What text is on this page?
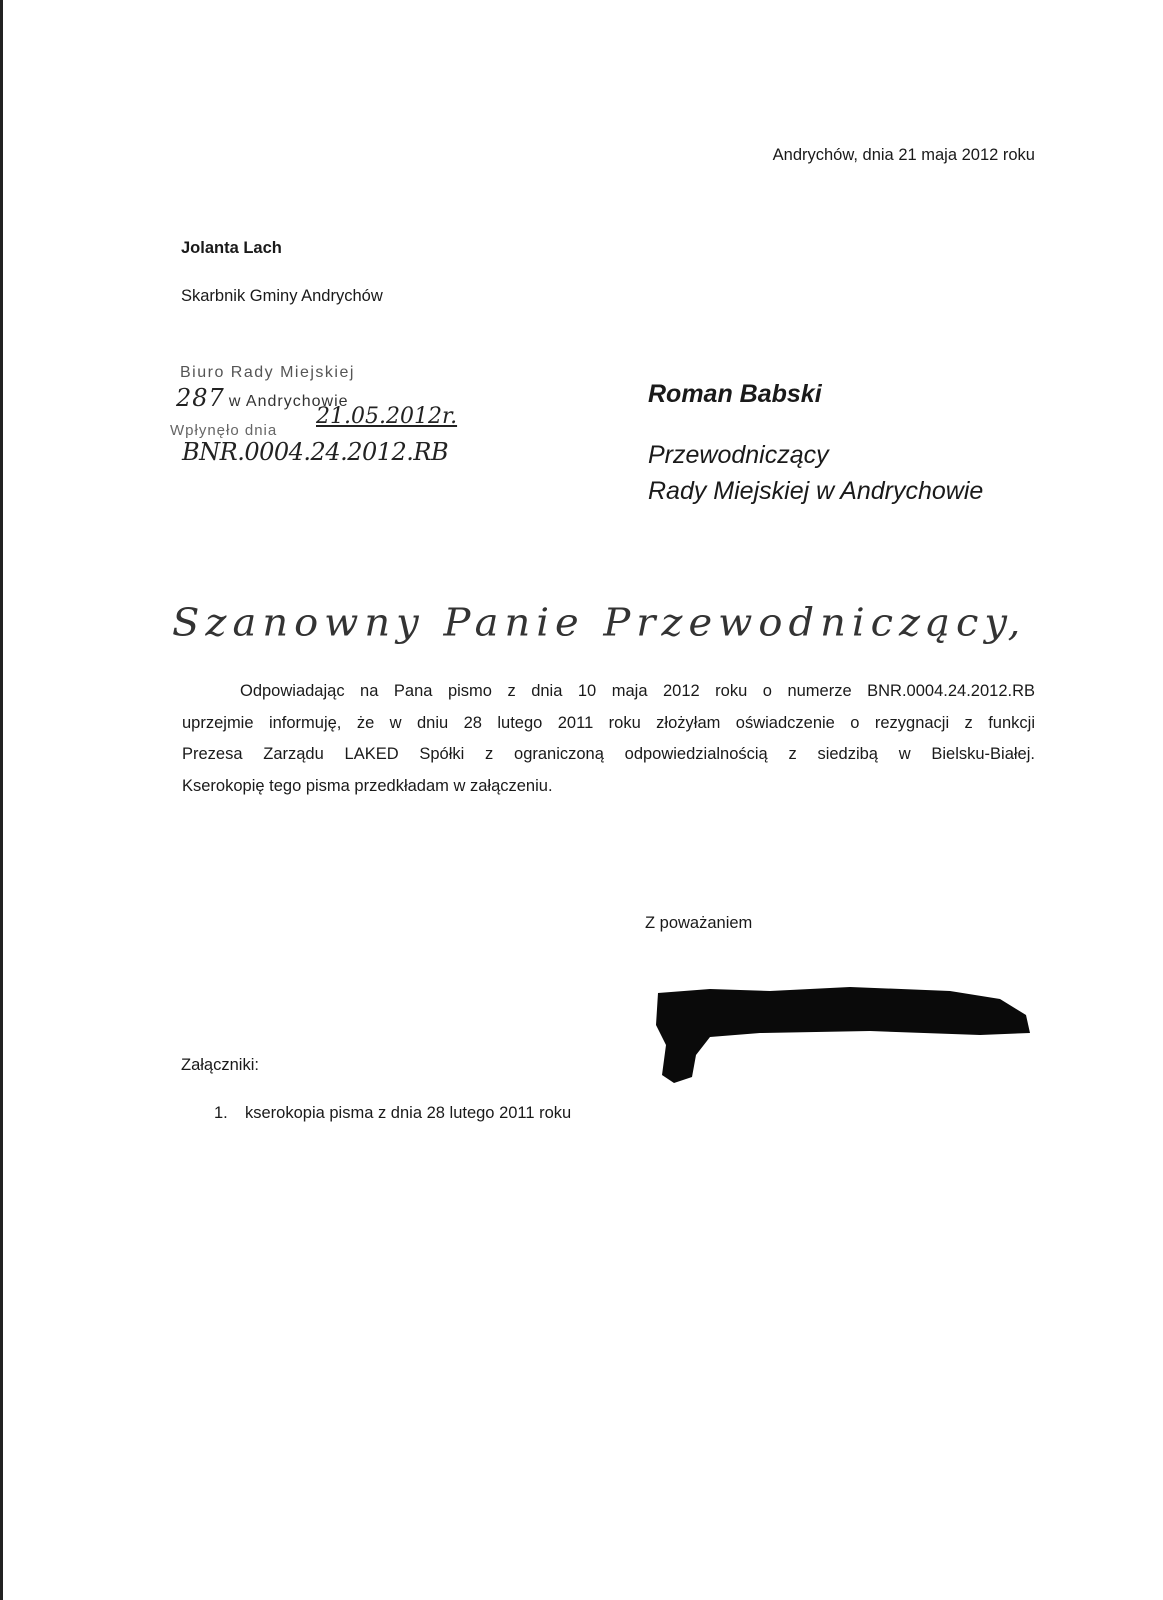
Andrychów, dnia 21 maja 2012 roku
Jolanta Lach
Skarbnik Gminy Andrychów
Biuro Rady Miejskiej
287 w Andrychowie
Wpłynęło dnia
21.05.2012r.
BNR.0004.24.2012.RB
Roman Babski
Przewodniczący
Rady Miejskiej w Andrychowie
Szanowny Panie Przewodniczący,
Odpowiadając na Pana pismo z dnia 10 maja 2012 roku o numerze BNR.0004.24.2012.RB
uprzejmie informuję, że w dniu 28 lutego 2011 roku złożyłam oświadczenie o rezygnacji z funkcji
Prezesa Zarządu LAKED Spółki z ograniczoną odpowiedzialnością z siedzibą w Bielsku-Białej.
Kserokopię tego pisma przedkładam w załączeniu.
Z poważaniem
Załączniki:
1. kserokopia pisma z dnia 28 lutego 2011 roku
